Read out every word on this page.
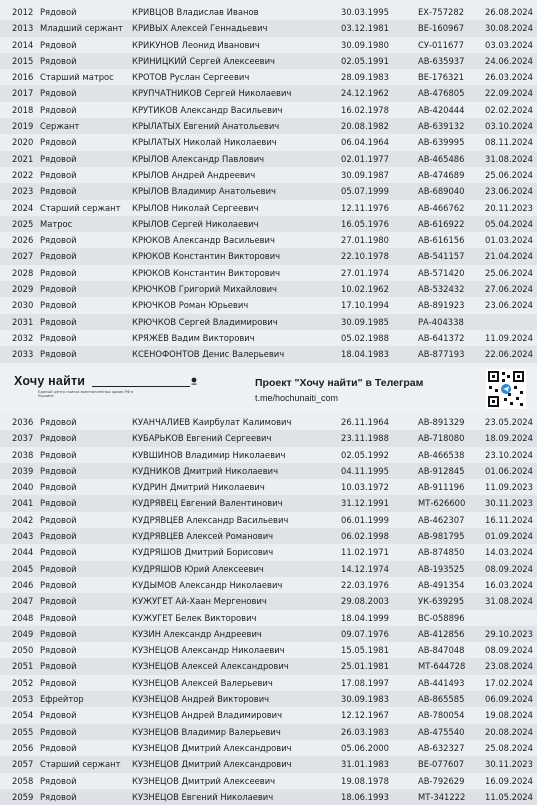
2012 Рядовой	КРИВЦОВ Владислав Иванов	30.03.1995	ЕХ-757282	26.08.2024
2013 Младший сержант	КРИВЫХ Алексей Геннадьевич	03.12.1981	ВЕ-160967	30.08.2024
2014 Рядовой	КРИКУНОВ Леонид Иванович	30.09.1980	СУ-011677	03.03.2024
2015 Рядовой	КРИНИЦКИЙ Сергей Алексеевич	02.05.1991	АВ-635937	24.06.2024
2016 Старший матрос	КРОТОВ Руслан Сергеевич	28.09.1983	ВЕ-176321	26.03.2024
2017 Рядовой	КРУПЧАТНИКОВ Сергей Николаевич	24.12.1962	АВ-476805	22.09.2024
2018 Рядовой	КРУТИКОВ Александр Васильевич	16.02.1978	АВ-420444	02.02.2024
2019 Сержант	КРЫЛАТЫХ Евгений Анатольевич	20.08.1982	АВ-639132	03.10.2024
2020 Рядовой	КРЫЛАТЫХ Николай Николаевич	06.04.1964	АВ-639995	08.11.2024
2021 Рядовой	КРЫЛОВ Александр Павлович	02.01.1977	АВ-465486	31.08.2024
2022 Рядовой	КРЫЛОВ Андрей Андреевич	30.09.1987	АВ-474689	25.06.2024
2023 Рядовой	КРЫЛОВ Владимир Анатольевич	05.07.1999	АВ-689040	23.06.2024
2024 Старший сержант	КРЫЛОВ Николай Сергеевич	12.11.1976	АВ-466762	20.11.2023
2025 Матрос	КРЫЛОВ Сергей Николаевич	16.05.1976	АВ-616922	05.04.2024
2026 Рядовой	КРЮКОВ Александр Васильевич	27.01.1980	АВ-616156	01.03.2024
2027 Рядовой	КРЮКОВ Константин Викторович	22.10.1978	АВ-541157	21.04.2024
2028 Рядовой	КРЮКОВ Константин Викторович	27.01.1974	АВ-571420	25.06.2024
2029 Рядовой	КРЮЧКОВ Григорий Михайлович	10.02.1962	АВ-532432	27.06.2024
2030 Рядовой	КРЮЧКОВ Роман Юрьевич	17.10.1994	АВ-891923	23.06.2024
2031 Рядовой	КРЮЧКОВ Сергей Владимирович	30.09.1985	РА-404338
2032 Рядовой	КРЯЖЕВ Вадим Викторович	05.02.1988	АВ-641372	11.09.2024
2033 Рядовой	КСЕНОФОНТОВ Денис Валерьевич	18.04.1983	АВ-877193	22.06.2024
Хочу найти
Единый центр поиска военнопленных армии РФ в Украине
Проект "Хочу найти" в Телеграм
t.me/hochunaiti_com
2036 Рядовой	КУАНЧАЛИЕВ Каирбулат Калимович	26.11.1964	АВ-891329	23.05.2024
2037 Рядовой	КУБАРЬКОВ Евгений Сергеевич	23.11.1988	АВ-718080	18.09.2024
2038 Рядовой	КУВШИНОВ Владимир Николаевич	02.05.1992	АВ-466538	23.10.2024
2039 Рядовой	КУДНИКОВ Дмитрий Николаевич	04.11.1995	АВ-912845	01.06.2024
2040 Рядовой	КУДРИН Дмитрий Николаевич	10.03.1972	АВ-911196	11.09.2023
2041 Рядовой	КУДРЯВЕЦ Евгений Валентинович	31.12.1991	МТ-626600	30.11.2023
2042 Рядовой	КУДРЯВЦЕВ Александр Васильевич	06.01.1999	АВ-462307	16.11.2024
2043 Рядовой	КУДРЯВЦЕВ Алексей Романович	06.02.1998	АВ-981795	01.09.2024
2044 Рядовой	КУДРЯШОВ Дмитрий Борисович	11.02.1971	АВ-874850	14.03.2024
2045 Рядовой	КУДРЯШОВ Юрий Алексеевич	14.12.1974	АВ-193525	08.09.2024
2046 Рядовой	КУДЫМОВ Александр Николаевич	22.03.1976	АВ-491354	16.03.2024
2047 Рядовой	КУЖУГЕТ Ай-Хаан Мергенович	29.08.2003	УК-639295	31.08.2024
2048 Рядовой	КУЖУГЕТ Белек Викторович	18.04.1999	ВС-058896
2049 Рядовой	КУЗИН Александр Андреевич	09.07.1976	АВ-412856	29.10.2023
2050 Рядовой	КУЗНЕЦОВ Александр Николаевич	15.05.1981	АВ-847048	08.09.2024
2051 Рядовой	КУЗНЕЦОВ Алексей Александрович	25.01.1981	МТ-644728	23.08.2024
2052 Рядовой	КУЗНЕЦОВ Алексей Валерьевич	17.08.1997	АВ-441493	17.02.2024
2053 Ефрейтор	КУЗНЕЦОВ Андрей Викторович	30.09.1983	АВ-865585	06.09.2024
2054 Рядовой	КУЗНЕЦОВ Андрей Владимирович	12.12.1967	АВ-780054	19.08.2024
2055 Рядовой	КУЗНЕЦОВ Владимир Валерьевич	26.03.1983	АВ-475540	20.08.2024
2056 Рядовой	КУЗНЕЦОВ Дмитрий Александрович	05.06.2000	АВ-632327	25.08.2024
2057 Старший сержант	КУЗНЕЦОВ Дмитрий Александрович	31.01.1983	ВЕ-077607	30.11.2023
2058 Рядовой	КУЗНЕЦОВ Дмитрий Алексеевич	19.08.1978	АВ-792629	16.09.2024
2059 Рядовой	КУЗНЕЦОВ Евгений Николаевич	18.06.1993	МТ-341222	11.05.2024
